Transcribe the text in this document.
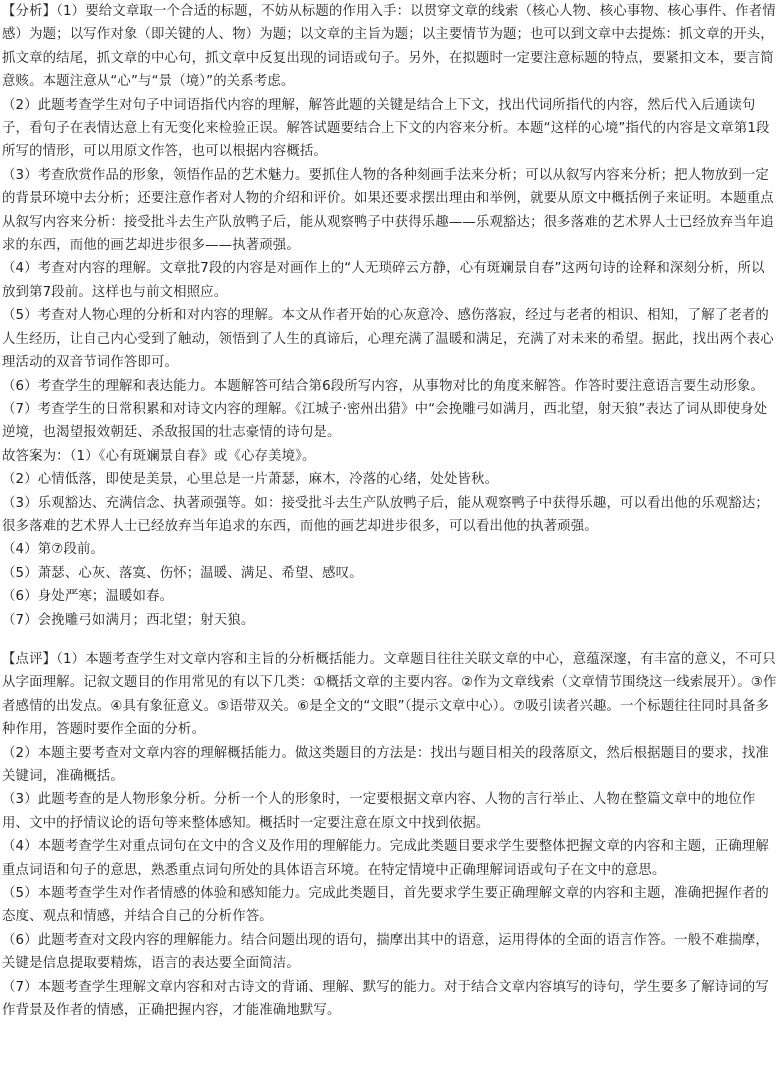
【分析】（1）要给文章取一个合适的标题，不妨从标题的作用入手：以贯穿文章的线索（核心人物、核心事物、核心事件、作者情感）为题；以写作对象（即关键的人、物）为题；以文章的主旨为题；以主要情节为题；也可以到文章中去提炼：抓文章的开头，抓文章的结尾，抓文章的中心句，抓文章中反复出现的词语或句子。另外，在拟题时一定要注意标题的特点，要紧扣文本，要言简意赅。本题注意从“心”与“景（境）”的关系考虑。

（2）此题考查学生对句子中词语指代内容的理解，解答此题的关键是结合上下文，找出代词所指代的内容，然后代入后通读句子，看句子在表情达意上有无变化来检验正误。解答试题要结合上下文的内容来分析。本题“这样的心境”指代的内容是文章第1段所写的情形，可以用原文作答，也可以根据内容概括。

（3）考查欣赏作品的形象，领悟作品的艺术魅力。要抓住人物的各种刻画手法来分析；可以从叙写内容来分析；把人物放到一定的背景环境中去分析；还要注意作者对人物的介绍和评价。如果还要求摆出理由和举例，就要从原文中概括例子来证明。本题重点从叙写内容来分析：接受批斗去生产队放鸭子后，能从观察鸭子中获得乐趣——乐观豁达；很多落难的艺术界人士已经放弃当年追求的东西，而他的画艺却进步很多——执著顽强。

（4）考查对内容的理解。文章批7段的内容是对画作上的“人无琐碎云方静，心有斑斓景自春”这两句诗的诠释和深刻分析，所以放到第7段前。这样也与前文相照应。

（5）考查对人物心理的分析和对内容的理解。本文从作者开始的心灰意冷、感伤落寂，经过与老者的相识、相知，了解了老者的人生经历，让自己内心受到了触动，领悟到了人生的真谛后，心理充满了温暖和满足，充满了对未来的希望。据此，找出两个表心理活动的双音节词作答即可。

（6）考查学生的理解和表达能力。本题解答可结合第6段所写内容，从事物对比的角度来解答。作答时要注意语言要生动形象。

（7）考查学生的日常积累和对诗文内容的理解。《江城子·密州出猎》中“会挽雕弓如满月，西北望，射天狼”表达了词从即使身处逆境，也渴望报效朝廷、杀敌报国的壮志豪情的诗句是。

故答案为：（1）《心有斑斓景自春》或《心存美境》。

（2）心情低落，即使是美景，心里总是一片萧瑟，麻木，冷落的心绪，处处皆秋。

（3）乐观豁达、充满信念、执著顽强等。如：接受批斗去生产队放鸭子后，能从观察鸭子中获得乐趣，可以看出他的乐观豁达；很多落难的艺术界人士已经放弃当年追求的东西，而他的画艺却进步很多，可以看出他的执著顽强。

（4）第⑦段前。

（5）萧瑟、心灰、落寞、伤怀；温暖、满足、希望、感叹。

（6）身处严寒；温暖如春。

（7）会挽雕弓如满月；西北望；射天狼。

【点评】（1）本题考查学生对文章内容和主旨的分析概括能力。文章题目往往关联文章的中心，意蕴深邃，有丰富的意义，不可只从字面理解。记叙文题目的作用常见的有以下几类：①概括文章的主要内容。②作为文章线索（文章情节围绕这一线索展开）。③作者感情的出发点。④具有象征意义。⑤语带双关。⑥是全文的“文眼”（提示文章中心）。⑦吸引读者兴趣。一个标题往往同时具备多种作用，答题时要作全面的分析。

（2）本题主要考查对文章内容的理解概括能力。做这类题目的方法是：找出与题目相关的段落原文，然后根据题目的要求，找准关键词，准确概括。

（3）此题考查的是人物形象分析。分析一个人的形象时，一定要根据文章内容、人物的言行举止、人物在整篇文章中的地位作用、文中的抒情议论的语句等来整体感知。概括时一定要注意在原文中找到依据。

（4）本题考查学生对重点词句在文中的含义及作用的理解能力。完成此类题目要求学生要整体把握文章的内容和主题，正确理解重点词语和句子的意思，熟悉重点词句所处的具体语言环境。在特定情境中正确理解词语或句子在文中的意思。

（5）本题考查学生对作者情感的体验和感知能力。完成此类题目，首先要求学生要正确理解文章的内容和主题，准确把握作者的态度、观点和情感，并结合自己的分析作答。

（6）此题考查对文段内容的理解能力。结合问题出现的语句，揣摩出其中的语意，运用得体的全面的语言作答。一般不难揣摩，关键是信息提取要精炼，语言的表达要全面简洁。

（7）本题考查学生理解文章内容和对古诗文的背诵、理解、默写的能力。对于结合文章内容填写的诗句，学生要多了解诗词的写作背景及作者的情感，正确把握内容，才能准确地默写。
